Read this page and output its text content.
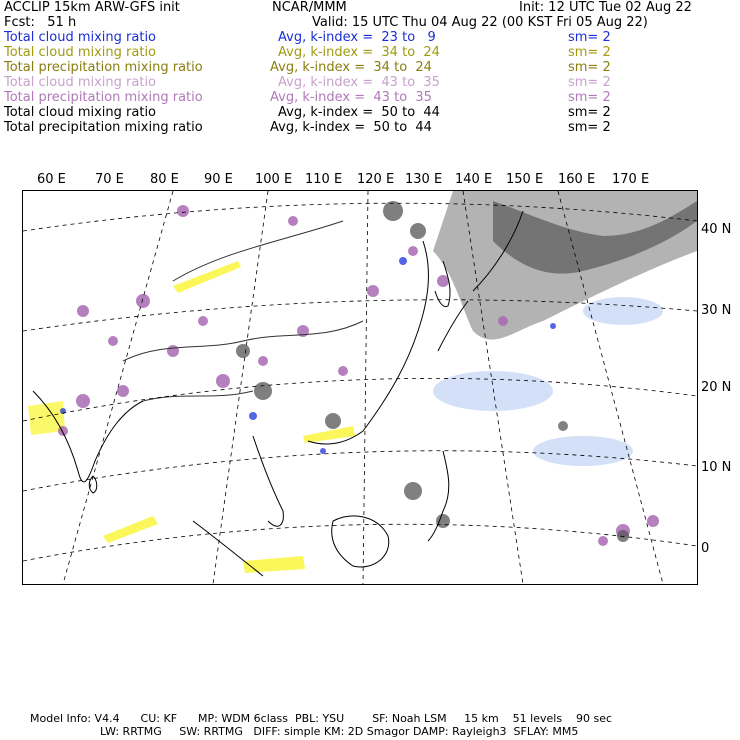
ACCLIP 15km ARW-GFS init	NCAR/MMM	Init: 12 UTC Tue 02 Aug 22
Fcst:   51 h	Valid: 15 UTC Thu 04 Aug 22 (00 KST Fri 05 Aug 22)
Total cloud mixing ratio	Avg, k-index =  23 to   9	sm= 2
Total cloud mixing ratio	Avg, k-index =  34 to  24	sm= 2
Total precipitation mixing ratio	Avg, k-index =  34 to  24	sm= 2
Total cloud mixing ratio	Avg, k-index =  43 to  35	sm= 2
Total precipitation mixing ratio	Avg, k-index =  43 to  35	sm= 2
Total cloud mixing ratio	Avg, k-index =  50 to  44	sm= 2
Total precipitation mixing ratio	Avg, k-index =  50 to  44	sm= 2
60 E 70 E 80 E 90 E 100 E 110 E 120 E 130 E 140 E 150 E 160 E 170 E
40 N
30 N
20 N
10 N
0
Model Info: V4.4      CU: KF      MP: WDM 6class  PBL: YSU        SF: Noah LSM     15 km    51 levels    90 sec
LW: RRTMG     SW: RRTMG   DIFF: simple KM: 2D Smagor DAMP: Rayleigh3  SFLAY: MM5
